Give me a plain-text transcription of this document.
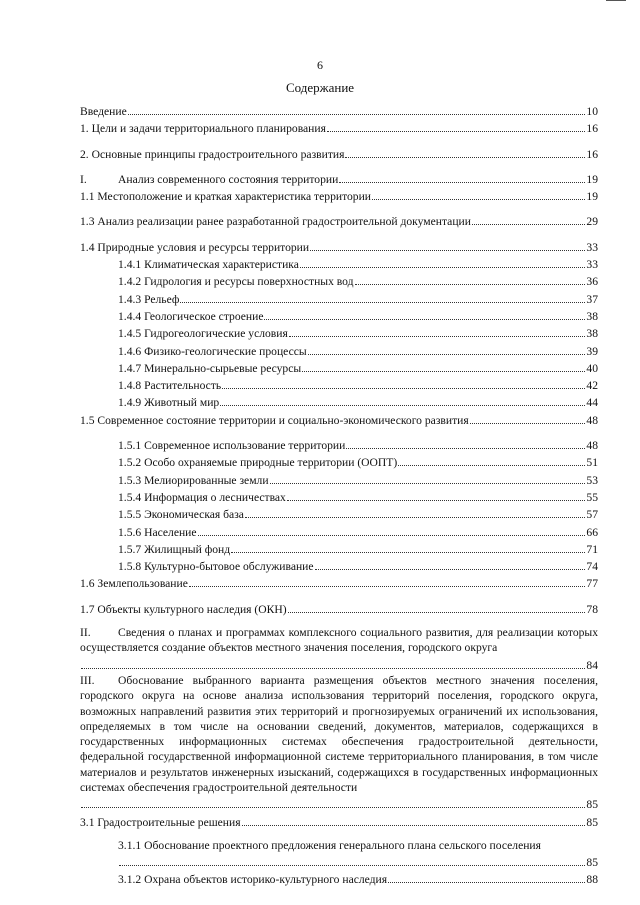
6
Содержание
Введение	10
1. Цели и задачи территориального планирования	16
2. Основные принципы градостроительного развития	16
I.	Анализ современного состояния территории	19
1.1 Местоположение и краткая характеристика территории	19
1.3 Анализ реализации ранее разработанной градостроительной документации	29
1.4 Природные условия и ресурсы территории	33
1.4.1 Климатическая характеристика	33
1.4.2 Гидрология и ресурсы поверхностных вод	36
1.4.3 Рельеф	37
1.4.4 Геологическое строение	38
1.4.5 Гидрогеологические условия	38
1.4.6 Физико-геологические процессы	39
1.4.7 Минерально-сырьевые ресурсы	40
1.4.8 Растительность	42
1.4.9 Животный мир	44
1.5 Современное состояние территории и социально-экономического развития	48
1.5.1 Современное использование территории	48
1.5.2 Особо охраняемые природные территории (ООПТ)	51
1.5.3 Мелиорированные земли	53
1.5.4 Информация о лесничествах	55
1.5.5 Экономическая база	57
1.5.6 Население	66
1.5.7 Жилищный фонд	71
1.5.8 Культурно-бытовое обслуживание	74
1.6 Землепользование	77
1.7 Объекты культурного наследия (ОКН)	78
II. Сведения о планах и программах комплексного социального развития, для реализации которых осуществляется создание объектов местного значения поселения, городского округа
84
III. Обоснование выбранного варианта размещения объектов местного значения поселения, городского округа на основе анализа использования территорий поселения, городского округа, возможных направлений развития этих территорий и прогнозируемых ограничений их использования, определяемых в том числе на основании сведений, документов, материалов, содержащихся в государственных информационных системах обеспечения градостроительной деятельности, федеральной государственной информационной системе территориального планирования, в том числе материалов и результатов инженерных изысканий, содержащихся в государственных информационных системах обеспечения градостроительной деятельности
85
3.1 Градостроительные решения	85
3.1.1 Обоснование проектного предложения генерального плана сельского поселения
85
3.1.2 Охрана объектов историко-культурного наследия	88
